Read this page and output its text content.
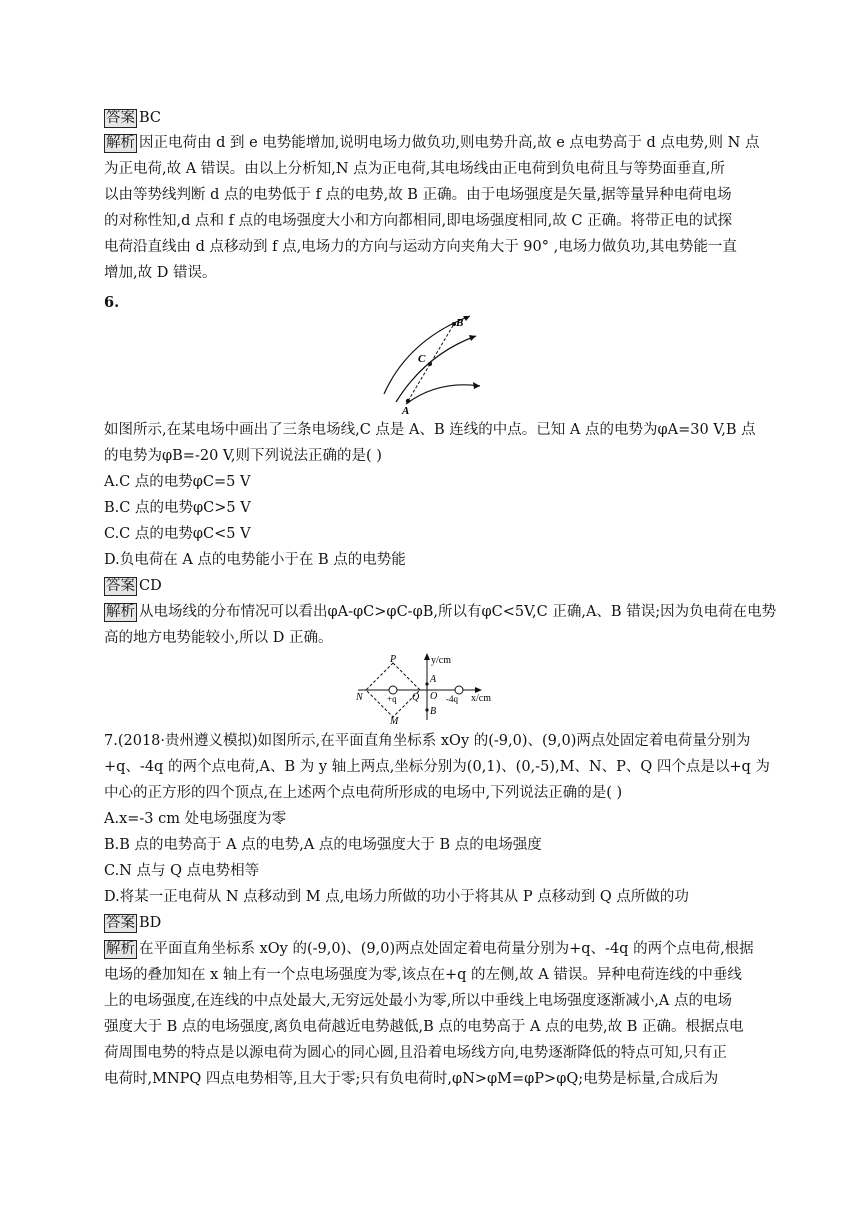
答案 BC
解析 因正电荷由 d 到 e 电势能增加,说明电场力做负功,则电势升高,故 e 点电势高于 d 点电势,则 N 点
为正电荷,故 A 错误。由以上分析知,N 点为正电荷,其电场线由正电荷到负电荷且与等势面垂直,所
以由等势线判断 d 点的电势低于 f 点的电势,故 B 正确。由于电场强度是矢量,据等量异种电荷电场
的对称性知,d 点和 f 点的电场强度大小和方向都相同,即电场强度相同,故 C 正确。将带正电的试探
电荷沿直线由 d 点移动到 f 点,电场力的方向与运动方向夹角大于 90° ,电场力做负功,其电势能一直
增加,故 D 错误。
6.
A
C
B
如图所示,在某电场中画出了三条电场线,C 点是 A、B 连线的中点。已知 A 点的电势为φA=30 V,B 点
的电势为φB=-20 V,则下列说法正确的是( )
A.C 点的电势φC=5 V
B.C 点的电势φC>5 V
C.C 点的电势φC<5 V
D.负电荷在 A 点的电势能小于在 B 点的电势能
答案 CD
解析 从电场线的分布情况可以看出φA-φC>φC-φB,所以有φC<5V,C 正确,A、B 错误;因为负电荷在电势
高的地方电势能较小,所以 D 正确。
y/cm
x/cm
P
N
M
Q O
A
B
+q	-4q
7.(2018·贵州遵义模拟)如图所示,在平面直角坐标系 xOy 的(-9,0)、(9,0)两点处固定着电荷量分别为
+q、-4q 的两个点电荷,A、B 为 y 轴上两点,坐标分别为(0,1)、(0,-5),M、N、P、Q 四个点是以+q 为
中心的正方形的四个顶点,在上述两个点电荷所形成的电场中,下列说法正确的是( )
A.x=-3 cm 处电场强度为零
B.B 点的电势高于 A 点的电势,A 点的电场强度大于 B 点的电场强度
C.N 点与 Q 点电势相等
D.将某一正电荷从 N 点移动到 M 点,电场力所做的功小于将其从 P 点移动到 Q 点所做的功
答案 BD
解析 在平面直角坐标系 xOy 的(-9,0)、(9,0)两点处固定着电荷量分别为+q、-4q 的两个点电荷,根据
电场的叠加知在 x 轴上有一个点电场强度为零,该点在+q 的左侧,故 A 错误。异种电荷连线的中垂线
上的电场强度,在连线的中点处最大,无穷远处最小为零,所以中垂线上电场强度逐渐减小,A 点的电场
强度大于 B 点的电场强度,离负电荷越近电势越低,B 点的电势高于 A 点的电势,故 B 正确。根据点电
荷周围电势的特点是以源电荷为圆心的同心圆,且沿着电场线方向,电势逐渐降低的特点可知,只有正
电荷时,MNPQ 四点电势相等,且大于零;只有负电荷时,φN>φM=φP>φQ;电势是标量,合成后为
